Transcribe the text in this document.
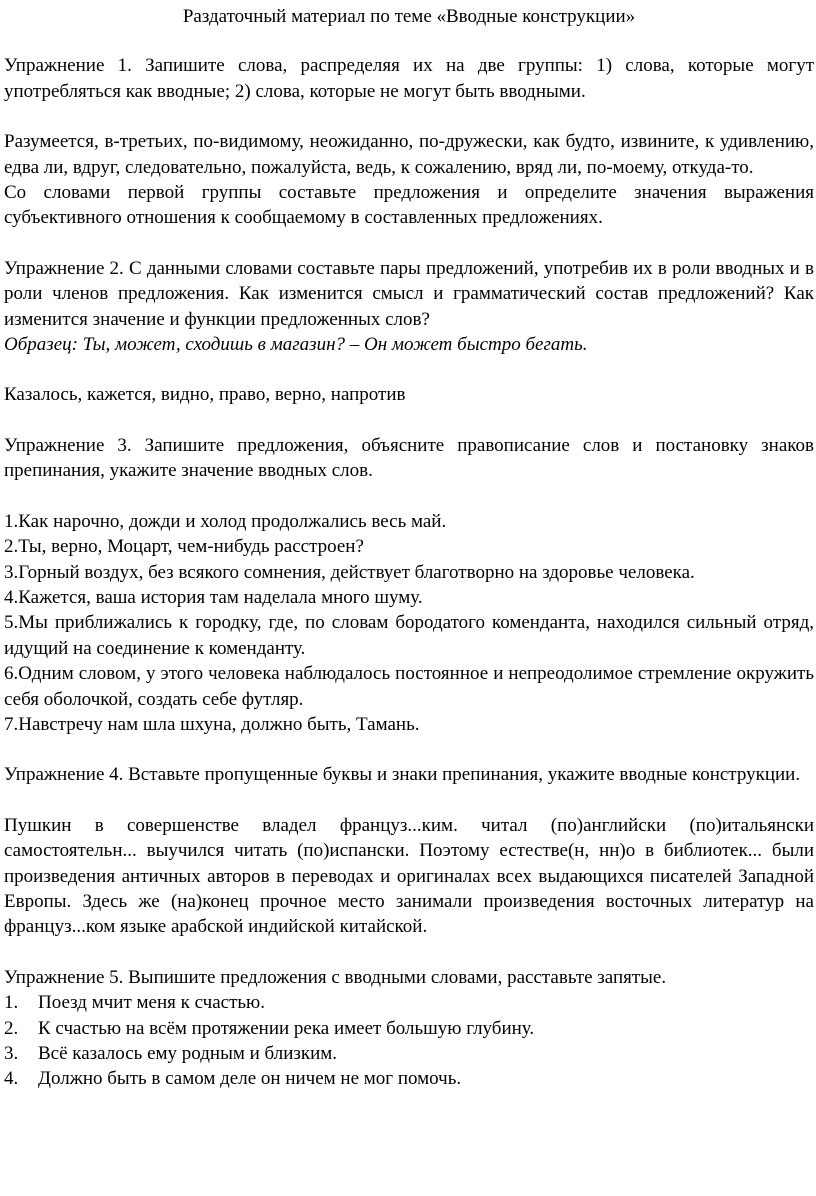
Раздаточный материал по теме «Вводные конструкции»

Упражнение 1. Запишите слова, распределяя их на две группы: 1) слова, которые могут употребляться как вводные; 2) слова, которые не могут быть вводными.

Разумеется, в-третьих, по-видимому, неожиданно, по-дружески, как будто, извините, к удивлению, едва ли, вдруг, следовательно, пожалуйста, ведь, к сожалению, вряд ли, по-моему, откуда-то.

Со словами первой группы составьте предложения и определите значения выражения субъективного отношения к сообщаемому в составленных предложениях.

Упражнение 2. С данными словами составьте пары предложений, употребив их в роли вводных и в роли членов предложения. Как изменится смысл и грамматический состав предложений? Как изменится значение и функции предложенных слов?

Образец: Ты, может, сходишь в магазин? – Он может быстро бегать.

Казалось, кажется, видно, право, верно, напротив

Упражнение 3. Запишите предложения, объясните правописание слов и постановку знаков препинания, укажите значение вводных слов.

1.Как нарочно, дожди и холод продолжались весь май.

2.Ты, верно, Моцарт, чем-нибудь расстроен?

3.Горный воздух, без всякого сомнения, действует благотворно на здоровье человека.

4.Кажется, ваша история там наделала много шуму.

5.Мы приближались к городку, где, по словам бородатого коменданта, находился сильный отряд, идущий на соединение к коменданту.

6.Одним словом, у этого человека наблюдалось постоянное и непреодолимое стремление окружить себя оболочкой, создать себе футляр.

7.Навстречу нам шла шхуна, должно быть, Тамань.

Упражнение 4. Вставьте пропущенные буквы и знаки препинания, укажите вводные конструкции.

Пушкин в совершенстве владел француз...ким. читал (по)английски (по)итальянски самостоятельн... выучился читать (по)испански. Поэтому естестве(н, нн)о в библиотек... были произведения античных авторов в переводах и оригиналах всех выдающихся писателей Западной Европы. Здесь же (на)конец прочное место занимали произведения восточных литератур на француз...ком языке арабской индийской китайской.

Упражнение 5. Выпишите предложения с вводными словами, расставьте запятые.

1.	Поезд мчит меня к счастью.
2.	К счастью на всём протяжении река имеет большую глубину.
3.	Всё казалось ему родным и близким.
4.	Должно быть в самом деле он ничем не мог помочь.
